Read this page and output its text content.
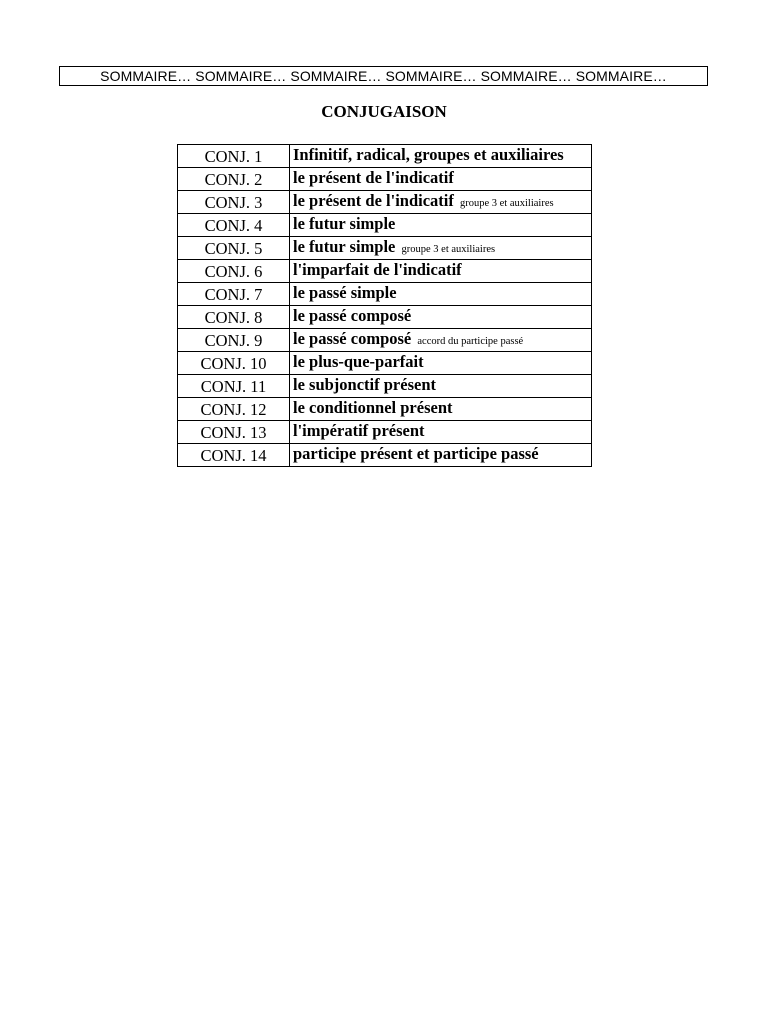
SOMMAIRE… SOMMAIRE… SOMMAIRE… SOMMAIRE… SOMMAIRE… SOMMAIRE…
CONJUGAISON
CONJ. 1	Infinitif, radical, groupes et auxiliaires
CONJ. 2	le présent de l'indicatif
CONJ. 3	le présent de l'indicatif groupe 3 et auxiliaires
CONJ. 4	le futur simple
CONJ. 5	le futur simple groupe 3 et auxiliaires
CONJ. 6	l'imparfait de l'indicatif
CONJ. 7	le passé simple
CONJ. 8	le passé composé
CONJ. 9	le passé composé accord du participe passé
CONJ. 10	le plus-que-parfait
CONJ. 11	le subjonctif présent
CONJ. 12	le conditionnel présent
CONJ. 13	l'impératif présent
CONJ. 14	participe présent et participe passé
